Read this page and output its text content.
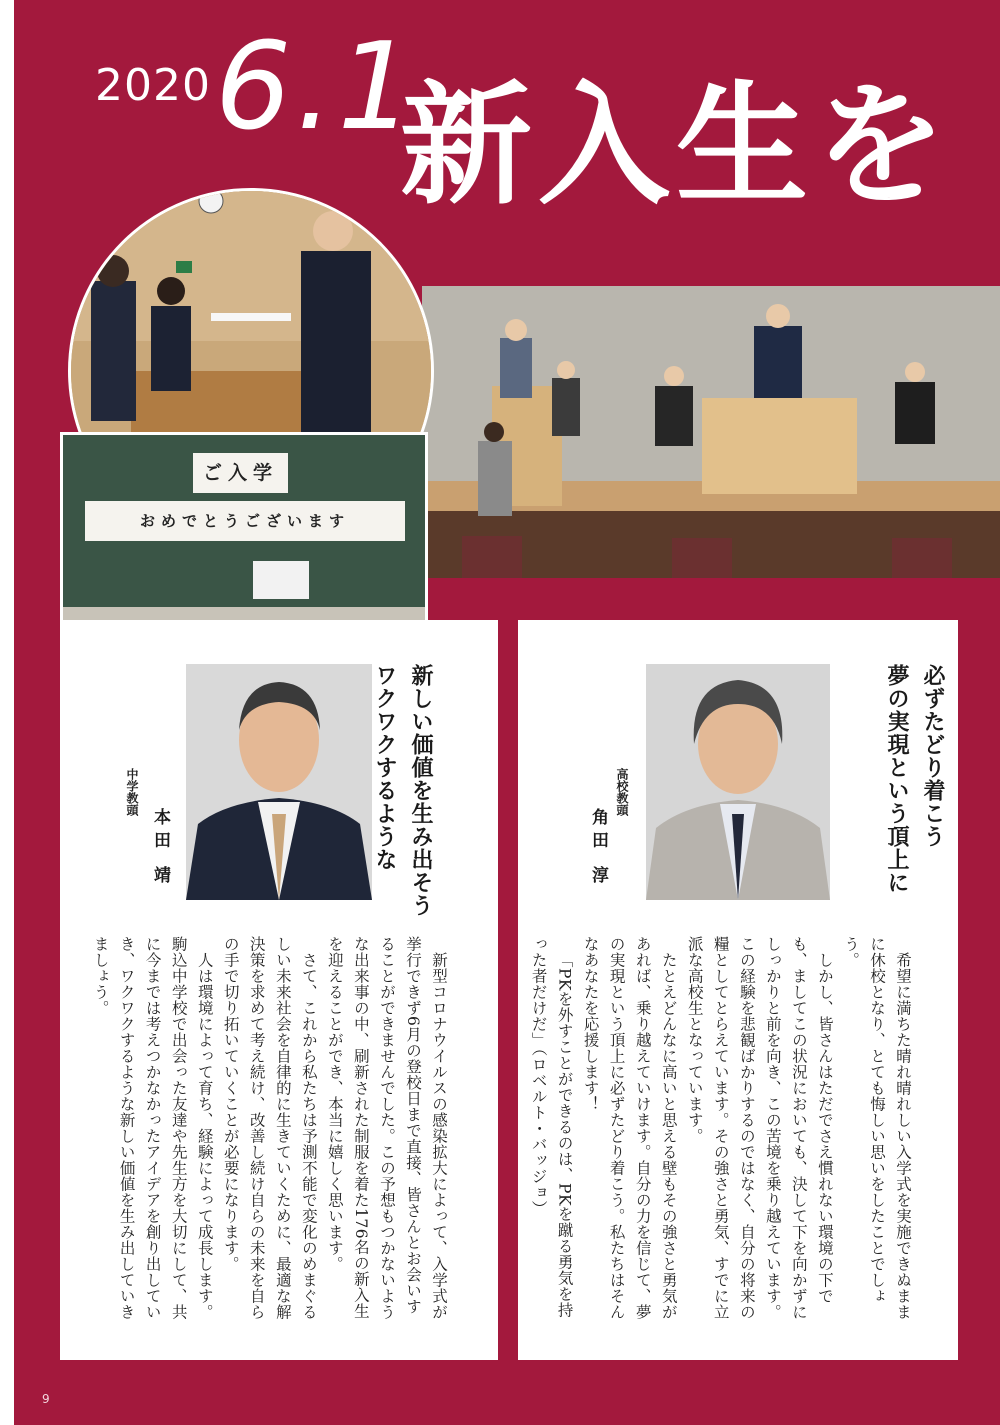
2020 6.1
新入生を
ご入学
おめでとうございます
ワクワクするような 新しい価値を生み出そう
中学教頭
本田 靖

新型コロナウイルスの感染拡大によって、入学式が挙行できず6月の登校日まで直接、皆さんとお会いすることができませんでした。この予想もつかないような出来事の中、刷新された制服を着た176名の新入生を迎えることができ、本当に嬉しく思います。

さて、これから私たちは予測不能で変化のめまぐるしい未来社会を自律的に生きていくために、最適な解決策を求めて考え続け、改善し続け自らの未来を自らの手で切り拓いていくことが必要になります。

人は環境によって育ち、経験によって成長します。駒込中学校で出会った友達や先生方を大切にして、共に今までは考えつかなかったアイデアを創り出していき、ワクワクするような新しい価値を生み出していきましょう。

夢の実現という頂上に 必ずたどり着こう
高校教頭
角田 淳

希望に満ちた晴れ晴れしい入学式を実施できぬままに休校となり、とても悔しい思いをしたことでしょう。

しかし、皆さんはただでさえ慣れない環境の下でも、ましてこの状況においても、決して下を向かずにしっかりと前を向き、この苦境を乗り越えています。この経験を悲観ばかりするのではなく、自分の将来の糧としてとらえています。その強さと勇気、すでに立派な高校生となっています。

たとえどんなに高いと思える壁もその強さと勇気があれば、乗り越えていけます。自分の力を信じて、夢の実現という頂上に必ずたどり着こう。私たちはそんなあなたを応援します！

「PKを外すことができるのは、PKを蹴る勇気を持った者だけだ」（ロベルト・バッジョ）

9
